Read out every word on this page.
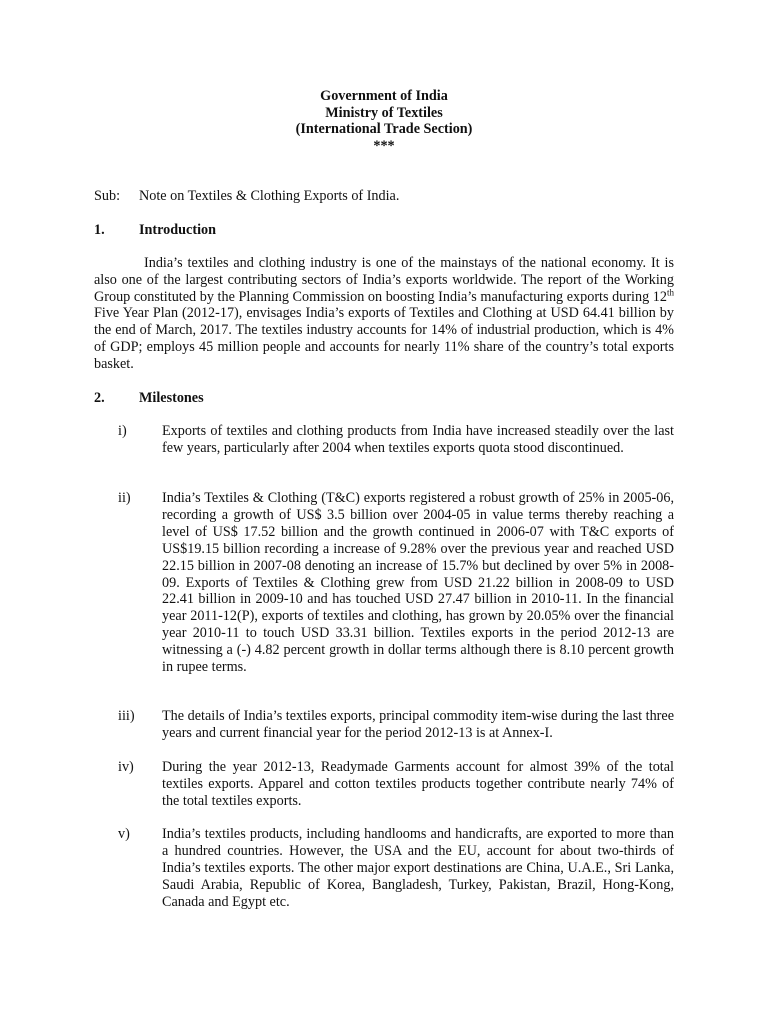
Government of India
Ministry of Textiles
(International Trade Section)
***
Sub: Note on Textiles & Clothing Exports of India.
1. Introduction

India’s textiles and clothing industry is one of the mainstays of the national economy. It is also one of the largest contributing sectors of India’s exports worldwide. The report of the Working Group constituted by the Planning Commission on boosting India’s manufacturing exports during 12th Five Year Plan (2012-17), envisages India’s exports of Textiles and Clothing at USD 64.41 billion by the end of March, 2017. The textiles industry accounts for 14% of industrial production, which is 4% of GDP; employs 45 million people and accounts for nearly 11% share of the country’s total exports basket.

2. Milestones
i) Exports of textiles and clothing products from India have increased steadily over the last few years, particularly after 2004 when textiles exports quota stood discontinued.
ii) India’s Textiles & Clothing (T&C) exports registered a robust growth of 25% in 2005-06, recording a growth of US$ 3.5 billion over 2004-05 in value terms thereby reaching a level of US$ 17.52 billion and the growth continued in 2006-07 with T&C exports of US$19.15 billion recording a increase of 9.28% over the previous year and reached USD 22.15 billion in 2007-08 denoting an increase of 15.7% but declined by over 5% in 2008-09. Exports of Textiles & Clothing grew from USD 21.22 billion in 2008-09 to USD 22.41 billion in 2009-10 and has touched USD 27.47 billion in 2010-11. In the financial year 2011-12(P), exports of textiles and clothing, has grown by 20.05% over the financial year 2010-11 to touch USD 33.31 billion. Textiles exports in the period 2012-13 are witnessing a (-) 4.82 percent growth in dollar terms although there is 8.10 percent growth in rupee terms.
iii) The details of India’s textiles exports, principal commodity item-wise during the last three years and current financial year for the period 2012-13 is at Annex-I.
iv) During the year 2012-13, Readymade Garments account for almost 39% of the total textiles exports. Apparel and cotton textiles products together contribute nearly 74% of the total textiles exports.
v) India’s textiles products, including handlooms and handicrafts, are exported to more than a hundred countries. However, the USA and the EU, account for about two-thirds of India’s textiles exports. The other major export destinations are China, U.A.E., Sri Lanka, Saudi Arabia, Republic of Korea, Bangladesh, Turkey, Pakistan, Brazil, Hong-Kong, Canada and Egypt etc.
